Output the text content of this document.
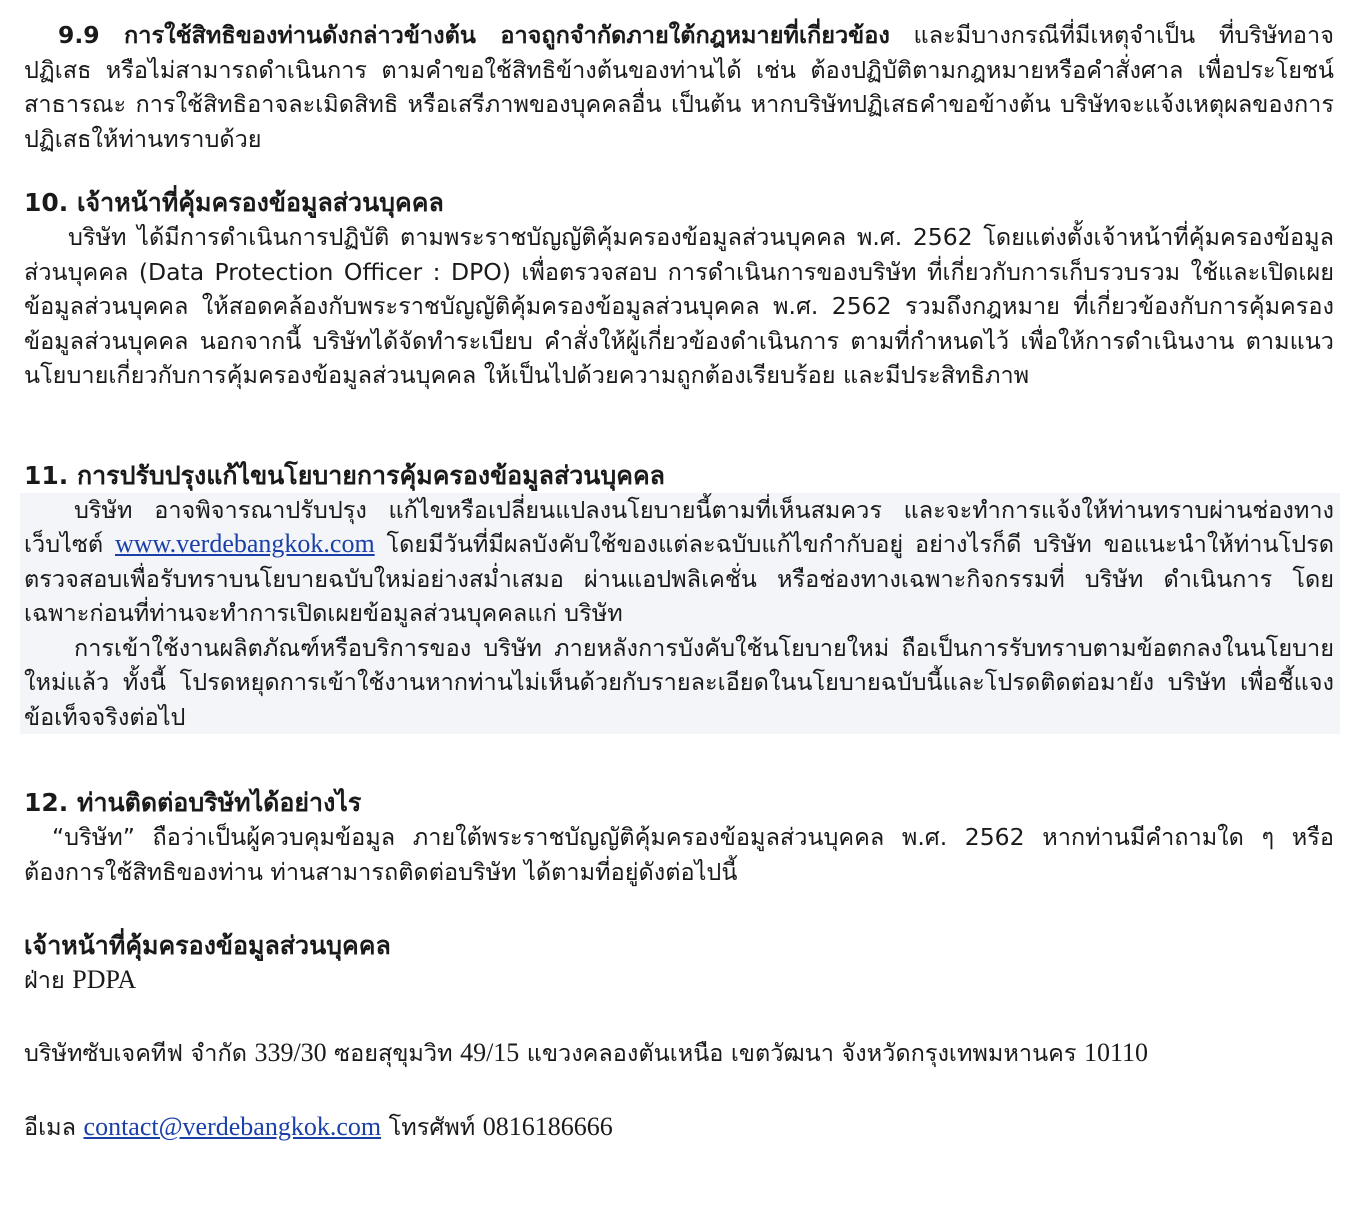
9.9 การใช้สิทธิของท่านดังกล่าวข้างต้น อาจถูกจำกัดภายใต้กฎหมายที่เกี่ยวข้อง และมีบางกรณีที่มีเหตุจำเป็น ที่บริษัทอาจปฏิเสธ หรือไม่สามารถดำเนินการ ตามคำขอใช้สิทธิข้างต้นของท่านได้ เช่น ต้องปฏิบัติตามกฎหมายหรือคำสั่งศาล เพื่อประโยชน์สาธารณะ การใช้สิทธิอาจละเมิดสิทธิ หรือเสรีภาพของบุคคลอื่น เป็นต้น หากบริษัทปฏิเสธคำขอข้างต้น บริษัทจะแจ้งเหตุผลของการปฏิเสธให้ท่านทราบด้วย

10. เจ้าหน้าที่คุ้มครองข้อมูลส่วนบุคคล

บริษัท ได้มีการดำเนินการปฏิบัติ ตามพระราชบัญญัติคุ้มครองข้อมูลส่วนบุคคล พ.ศ. 2562 โดยแต่งตั้งเจ้าหน้าที่คุ้มครองข้อมูลส่วนบุคคล (Data Protection Officer : DPO) เพื่อตรวจสอบ การดำเนินการของบริษัท ที่เกี่ยวกับการเก็บรวบรวม ใช้และเปิดเผยข้อมูลส่วนบุคคล ให้สอดคล้องกับพระราชบัญญัติคุ้มครองข้อมูลส่วนบุคคล พ.ศ. 2562 รวมถึงกฎหมาย ที่เกี่ยวข้องกับการคุ้มครองข้อมูลส่วนบุคคล นอกจากนี้ บริษัทได้จัดทำระเบียบ คำสั่งให้ผู้เกี่ยวข้องดำเนินการ ตามที่กำหนดไว้ เพื่อให้การดำเนินงาน ตามแนวนโยบายเกี่ยวกับการคุ้มครองข้อมูลส่วนบุคคล ให้เป็นไปด้วยความถูกต้องเรียบร้อย และมีประสิทธิภาพ

11. การปรับปรุงแก้ไขนโยบายการคุ้มครองข้อมูลส่วนบุคคล

บริษัท อาจพิจารณาปรับปรุง แก้ไขหรือเปลี่ยนแปลงนโยบายนี้ตามที่เห็นสมควร และจะทำการแจ้งให้ท่านทราบผ่านช่องทางเว็บไซต์ www.verdebangkok.com โดยมีวันที่มีผลบังคับใช้ของแต่ละฉบับแก้ไขกำกับอยู่ อย่างไรก็ดี บริษัท ขอแนะนำให้ท่านโปรดตรวจสอบเพื่อรับทราบนโยบายฉบับใหม่อย่างสม่ำเสมอ ผ่านแอปพลิเคชั่น หรือช่องทางเฉพาะกิจกรรมที่ บริษัท ดำเนินการ โดยเฉพาะก่อนที่ท่านจะทำการเปิดเผยข้อมูลส่วนบุคคลแก่ บริษัท

การเข้าใช้งานผลิตภัณฑ์หรือบริการของ บริษัท ภายหลังการบังคับใช้นโยบายใหม่ ถือเป็นการรับทราบตามข้อตกลงในนโยบายใหม่แล้ว ทั้งนี้ โปรดหยุดการเข้าใช้งานหากท่านไม่เห็นด้วยกับรายละเอียดในนโยบายฉบับนี้และโปรดติดต่อมายัง บริษัท เพื่อชี้แจงข้อเท็จจริงต่อไป

12. ท่านติดต่อบริษัทได้อย่างไร

“บริษัท” ถือว่าเป็นผู้ควบคุมข้อมูล ภายใต้พระราชบัญญัติคุ้มครองข้อมูลส่วนบุคคล พ.ศ. 2562 หากท่านมีคำถามใด ๆ หรือต้องการใช้สิทธิของท่าน ท่านสามารถติดต่อบริษัท ได้ตามที่อยู่ดังต่อไปนี้

เจ้าหน้าที่คุ้มครองข้อมูลส่วนบุคคล

ฝ่าย PDPA

บริษัทซับเจคทีฟ จำกัด 339/30 ซอยสุขุมวิท 49/15 แขวงคลองตันเหนือ เขตวัฒนา จังหวัดกรุงเทพมหานคร 10110

อีเมล contact@verdebangkok.com โทรศัพท์ 0816186666
